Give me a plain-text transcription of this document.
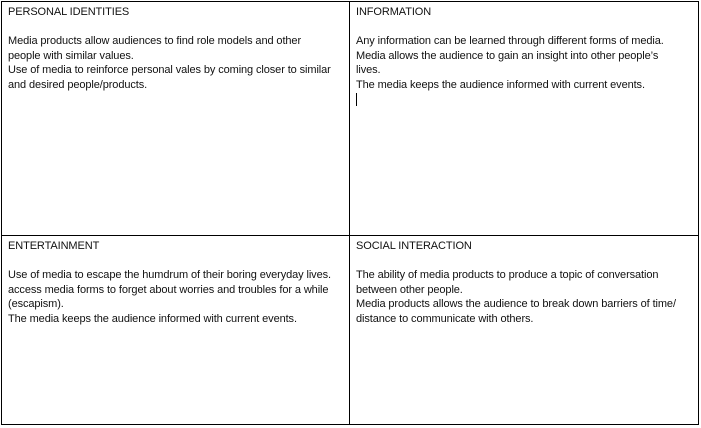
PERSONAL IDENTITIES
Media products allow audiences to find role models and other
people with similar values.
Use of media to reinforce personal vales by coming closer to similar
and desired people/products.
INFORMATION
Any information can be learned through different forms of media.
Media allows the audience to gain an insight into other people’s
lives.
The media keeps the audience informed with current events.
ENTERTAINMENT
Use of media to escape the humdrum of their boring everyday lives.
access media forms to forget about worries and troubles for a while
(escapism).
The media keeps the audience informed with current events.
SOCIAL INTERACTION
The ability of media products to produce a topic of conversation
between other people.
Media products allows the audience to break down barriers of time/
distance to communicate with others.
